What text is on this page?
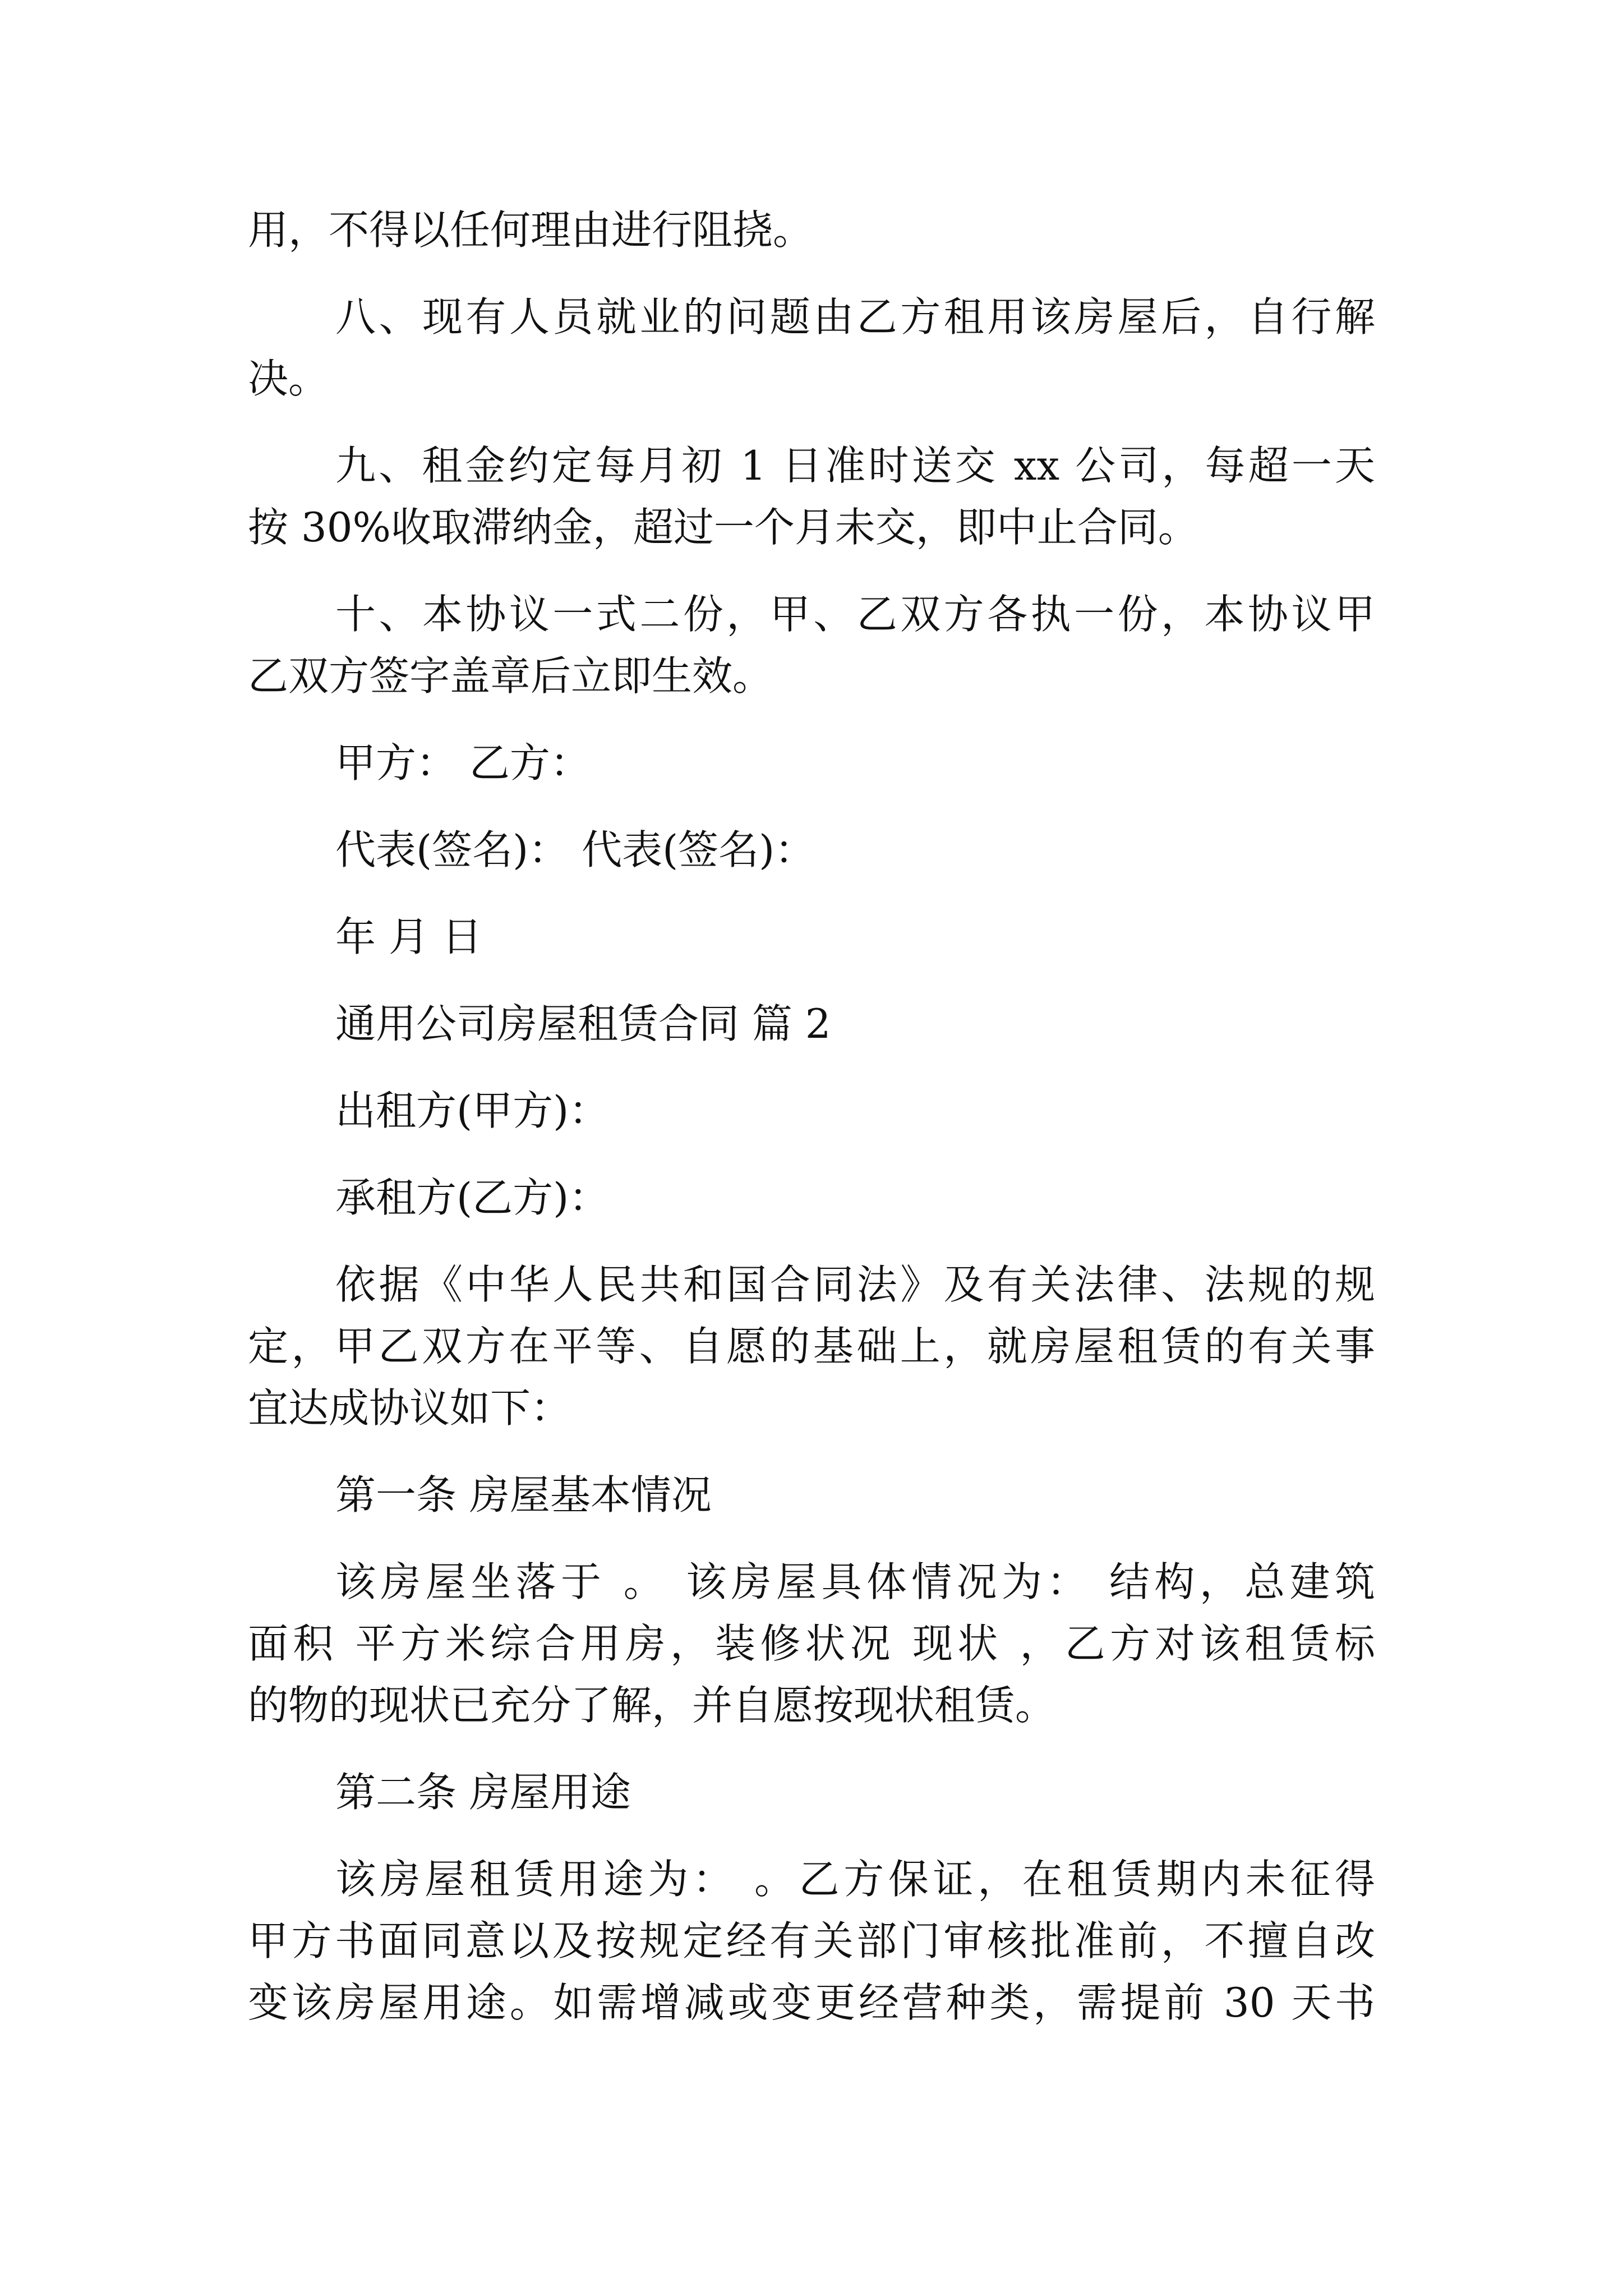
用，不得以任何理由进行阻挠。

八、现有人员就业的问题由乙方租用该房屋后，自行解

决。

九、租金约定每月初 1 日准时送交 xx 公司，每超一天

按 30%收取滞纳金，超过一个月未交，即中止合同。

十、本协议一式二份，甲、乙双方各执一份，本协议甲

乙双方签字盖章后立即生效。

甲方： 乙方：

代表(签名)： 代表(签名)：

年 月 日

通用公司房屋租赁合同 篇 2

出租方(甲方)：

承租方(乙方)：

依据《中华人民共和国合同法》及有关法律、法规的规

定，甲乙双方在平等、自愿的基础上，就房屋租赁的有关事

宜达成协议如下：

第一条 房屋基本情况

该房屋坐落于 。 该房屋具体情况为： 结构，总建筑

面积 平方米综合用房，装修状况 现状 ，乙方对该租赁标

的物的现状已充分了解，并自愿按现状租赁。

第二条 房屋用途

该房屋租赁用途为： 。乙方保证，在租赁期内未征得

甲方书面同意以及按规定经有关部门审核批准前，不擅自改

变该房屋用途。如需增减或变更经营种类，需提前 30 天书
